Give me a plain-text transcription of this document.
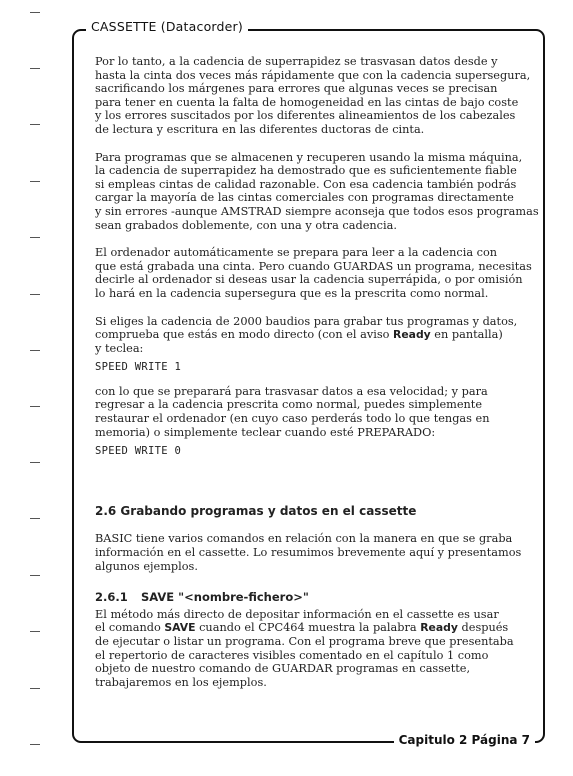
CASSETTE (Datacorder)
Capitulo 2 Página 7
Por lo tanto, a la cadencia de superrapidez se trasvasan datos desde y
hasta la cinta dos veces más rápidamente que con la cadencia supersegura,
sacrificando los márgenes para errores que algunas veces se precisan
para tener en cuenta la falta de homogeneidad en las cintas de bajo coste
y los errores suscitados por los diferentes alineamientos de los cabezales
de lectura y escritura en las diferentes ductoras de cinta.
Para programas que se almacenen y recuperen usando la misma máquina,
la cadencia de superrapidez ha demostrado que es suficientemente fiable
si empleas cintas de calidad razonable. Con esa cadencia también podrás
cargar la mayoría de las cintas comerciales con programas directamente
y sin errores -aunque AMSTRAD siempre aconseja que todos esos programas
sean grabados doblemente, con una y otra cadencia.
El ordenador automáticamente se prepara para leer a la cadencia con
que está grabada una cinta. Pero cuando GUARDAS un programa, necesitas
decirle al ordenador si deseas usar la cadencia superrápida, o por omisión
lo hará en la cadencia supersegura que es la prescrita como normal.
Si eliges la cadencia de 2000 baudios para grabar tus programas y datos,
comprueba que estás en modo directo (con el aviso Ready en pantalla)
y teclea:
SPEED WRITE 1
con lo que se preparará para trasvasar datos a esa velocidad; y para
regresar a la cadencia prescrita como normal, puedes simplemente
restaurar el ordenador (en cuyo caso perderás todo lo que tengas en
memoria) o simplemente teclear cuando esté PREPARADO:
SPEED WRITE 0
2.6 Grabando programas y datos en el cassette
BASIC tiene varios comandos en relación con la manera en que se graba
información en el cassette. Lo resumimos brevemente aquí y presentamos
algunos ejemplos.
2.6.1 SAVE "<nombre-fichero>"
El método más directo de depositar información en el cassette es usar
el comando SAVE cuando el CPC464 muestra la palabra Ready después
de ejecutar o listar un programa. Con el programa breve que presentaba
el repertorio de caracteres visibles comentado en el capítulo 1 como
objeto de nuestro comando de GUARDAR programas en cassette,
trabajaremos en los ejemplos.
